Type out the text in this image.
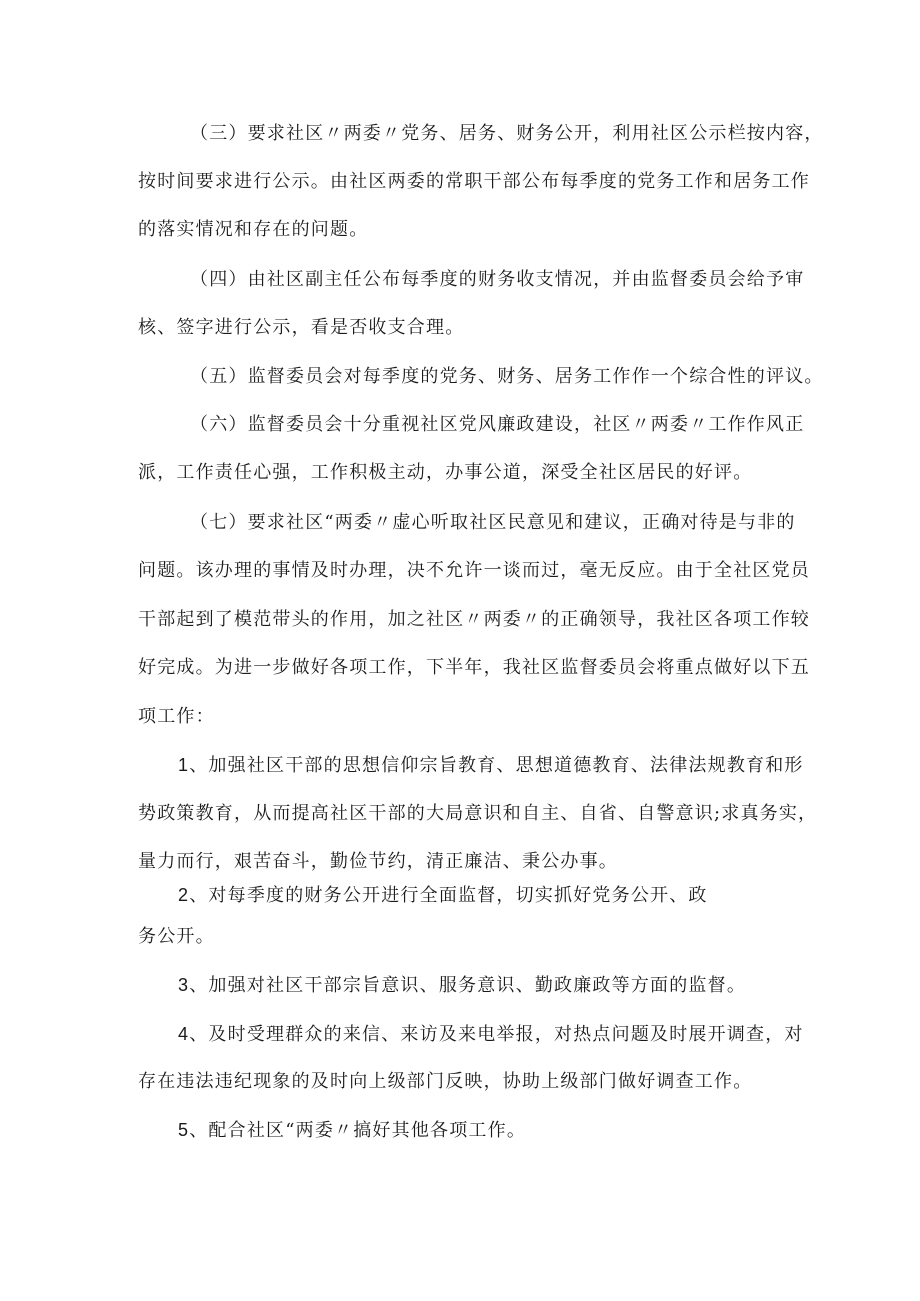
（三）要求社区〃两委〃党务、居务、财务公开，利用社区公示栏按内容，
按时间要求进行公示。由社区两委的常职干部公布每季度的党务工作和居务工作
的落实情况和存在的问题。
（四）由社区副主任公布每季度的财务收支情况，并由监督委员会给予审
核、签字进行公示，看是否收支合理。
（五）监督委员会对每季度的党务、财务、居务工作作一个综合性的评议。
（六）监督委员会十分重视社区党风廉政建设，社区〃两委〃工作作风正
派，工作责任心强，工作积极主动，办事公道，深受全社区居民的好评。
（七）要求社区“两委〃虚心听取社区民意见和建议，正确对待是与非的
问题。该办理的事情及时办理，决不允许一谈而过，毫无反应。由于全社区党员
干部起到了模范带头的作用，加之社区〃两委〃的正确领导，我社区各项工作较
好完成。为进一步做好各项工作，下半年，我社区监督委员会将重点做好以下五
项工作：
1、加强社区干部的思想信仰宗旨教育、思想道德教育、法律法规教育和形
势政策教育，从而提高社区干部的大局意识和自主、自省、自警意识;求真务实，
量力而行，艰苦奋斗，勤俭节约，清正廉洁、秉公办事。
2、对每季度的财务公开进行全面监督，切实抓好党务公开、政
务公开。
3、加强对社区干部宗旨意识、服务意识、勤政廉政等方面的监督。
4、及时受理群众的来信、来访及来电举报，对热点问题及时展开调查，对
存在违法违纪现象的及时向上级部门反映，协助上级部门做好调查工作。
5、配合社区“两委〃搞好其他各项工作。
